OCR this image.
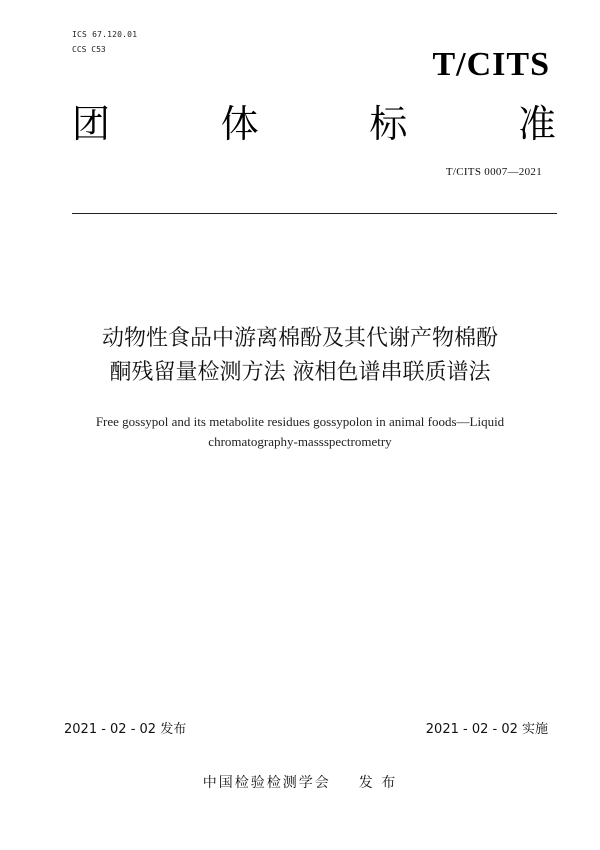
ICS 67.120.01
CCS C53	T/CITS
团	体	标	准
T/CITS 0007—2021
动物性食品中游离棉酚及其代谢产物棉酚
酮残留量检测方法 液相色谱串联质谱法
Free gossypol and its metabolite residues gossypolon in animal foods—Liquid
chromatography-massspectrometry
2021 - 02 - 02 发布	2021 - 02 - 02 实施
中国检验检测学会 发 布
